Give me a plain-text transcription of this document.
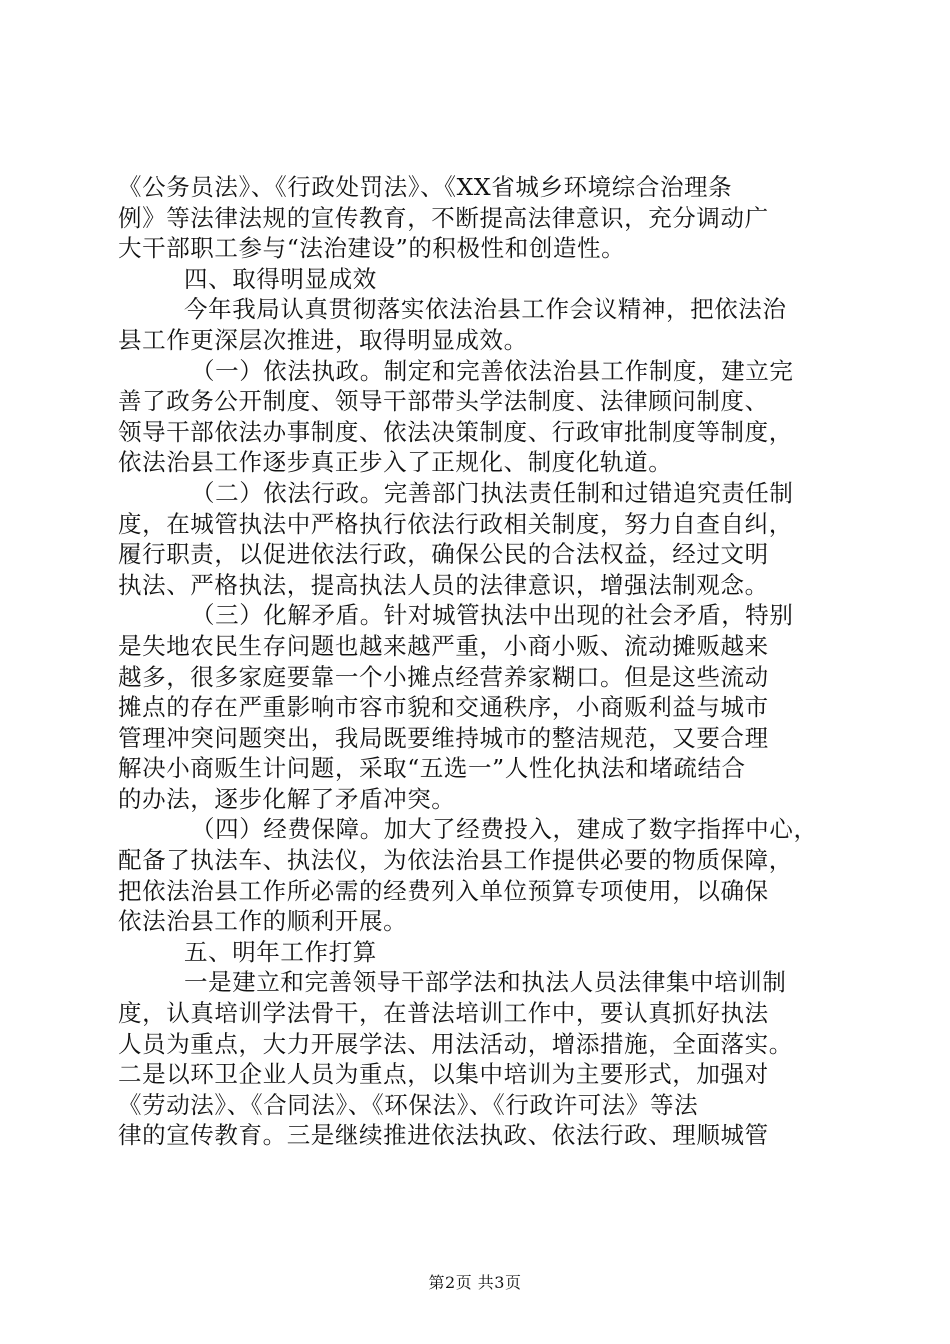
《公务员法》、《行政处罚法》、《XX省城乡环境综合治理条
例》等法律法规的宣传教育，不断提高法律意识，充分调动广
大干部职工参与“法治建设”的积极性和创造性。
四、取得明显成效
今年我局认真贯彻落实依法治县工作会议精神，把依法治
县工作更深层次推进，取得明显成效。
（一）依法执政。制定和完善依法治县工作制度，建立完
善了政务公开制度、领导干部带头学法制度、法律顾问制度、
领导干部依法办事制度、依法决策制度、行政审批制度等制度，
依法治县工作逐步真正步入了正规化、制度化轨道。
（二）依法行政。完善部门执法责任制和过错追究责任制
度，在城管执法中严格执行依法行政相关制度，努力自查自纠，
履行职责，以促进依法行政，确保公民的合法权益，经过文明
执法、严格执法，提高执法人员的法律意识，增强法制观念。
（三）化解矛盾。针对城管执法中出现的社会矛盾，特别
是失地农民生存问题也越来越严重，小商小贩、流动摊贩越来
越多，很多家庭要靠一个小摊点经营养家糊口。但是这些流动
摊点的存在严重影响市容市貌和交通秩序，小商贩利益与城市
管理冲突问题突出，我局既要维持城市的整洁规范，又要合理
解决小商贩生计问题，采取“五选一”人性化执法和堵疏结合
的办法，逐步化解了矛盾冲突。
（四）经费保障。加大了经费投入，建成了数字指挥中心，
配备了执法车、执法仪，为依法治县工作提供必要的物质保障，
把依法治县工作所必需的经费列入单位预算专项使用，以确保
依法治县工作的顺利开展。
五、明年工作打算
一是建立和完善领导干部学法和执法人员法律集中培训制
度，认真培训学法骨干，在普法培训工作中，要认真抓好执法
人员为重点，大力开展学法、用法活动，增添措施，全面落实。
二是以环卫企业人员为重点，以集中培训为主要形式，加强对
《劳动法》、《合同法》、《环保法》、《行政许可法》等法
律的宣传教育。三是继续推进依法执政、依法行政、理顺城管
第2页 共3页
